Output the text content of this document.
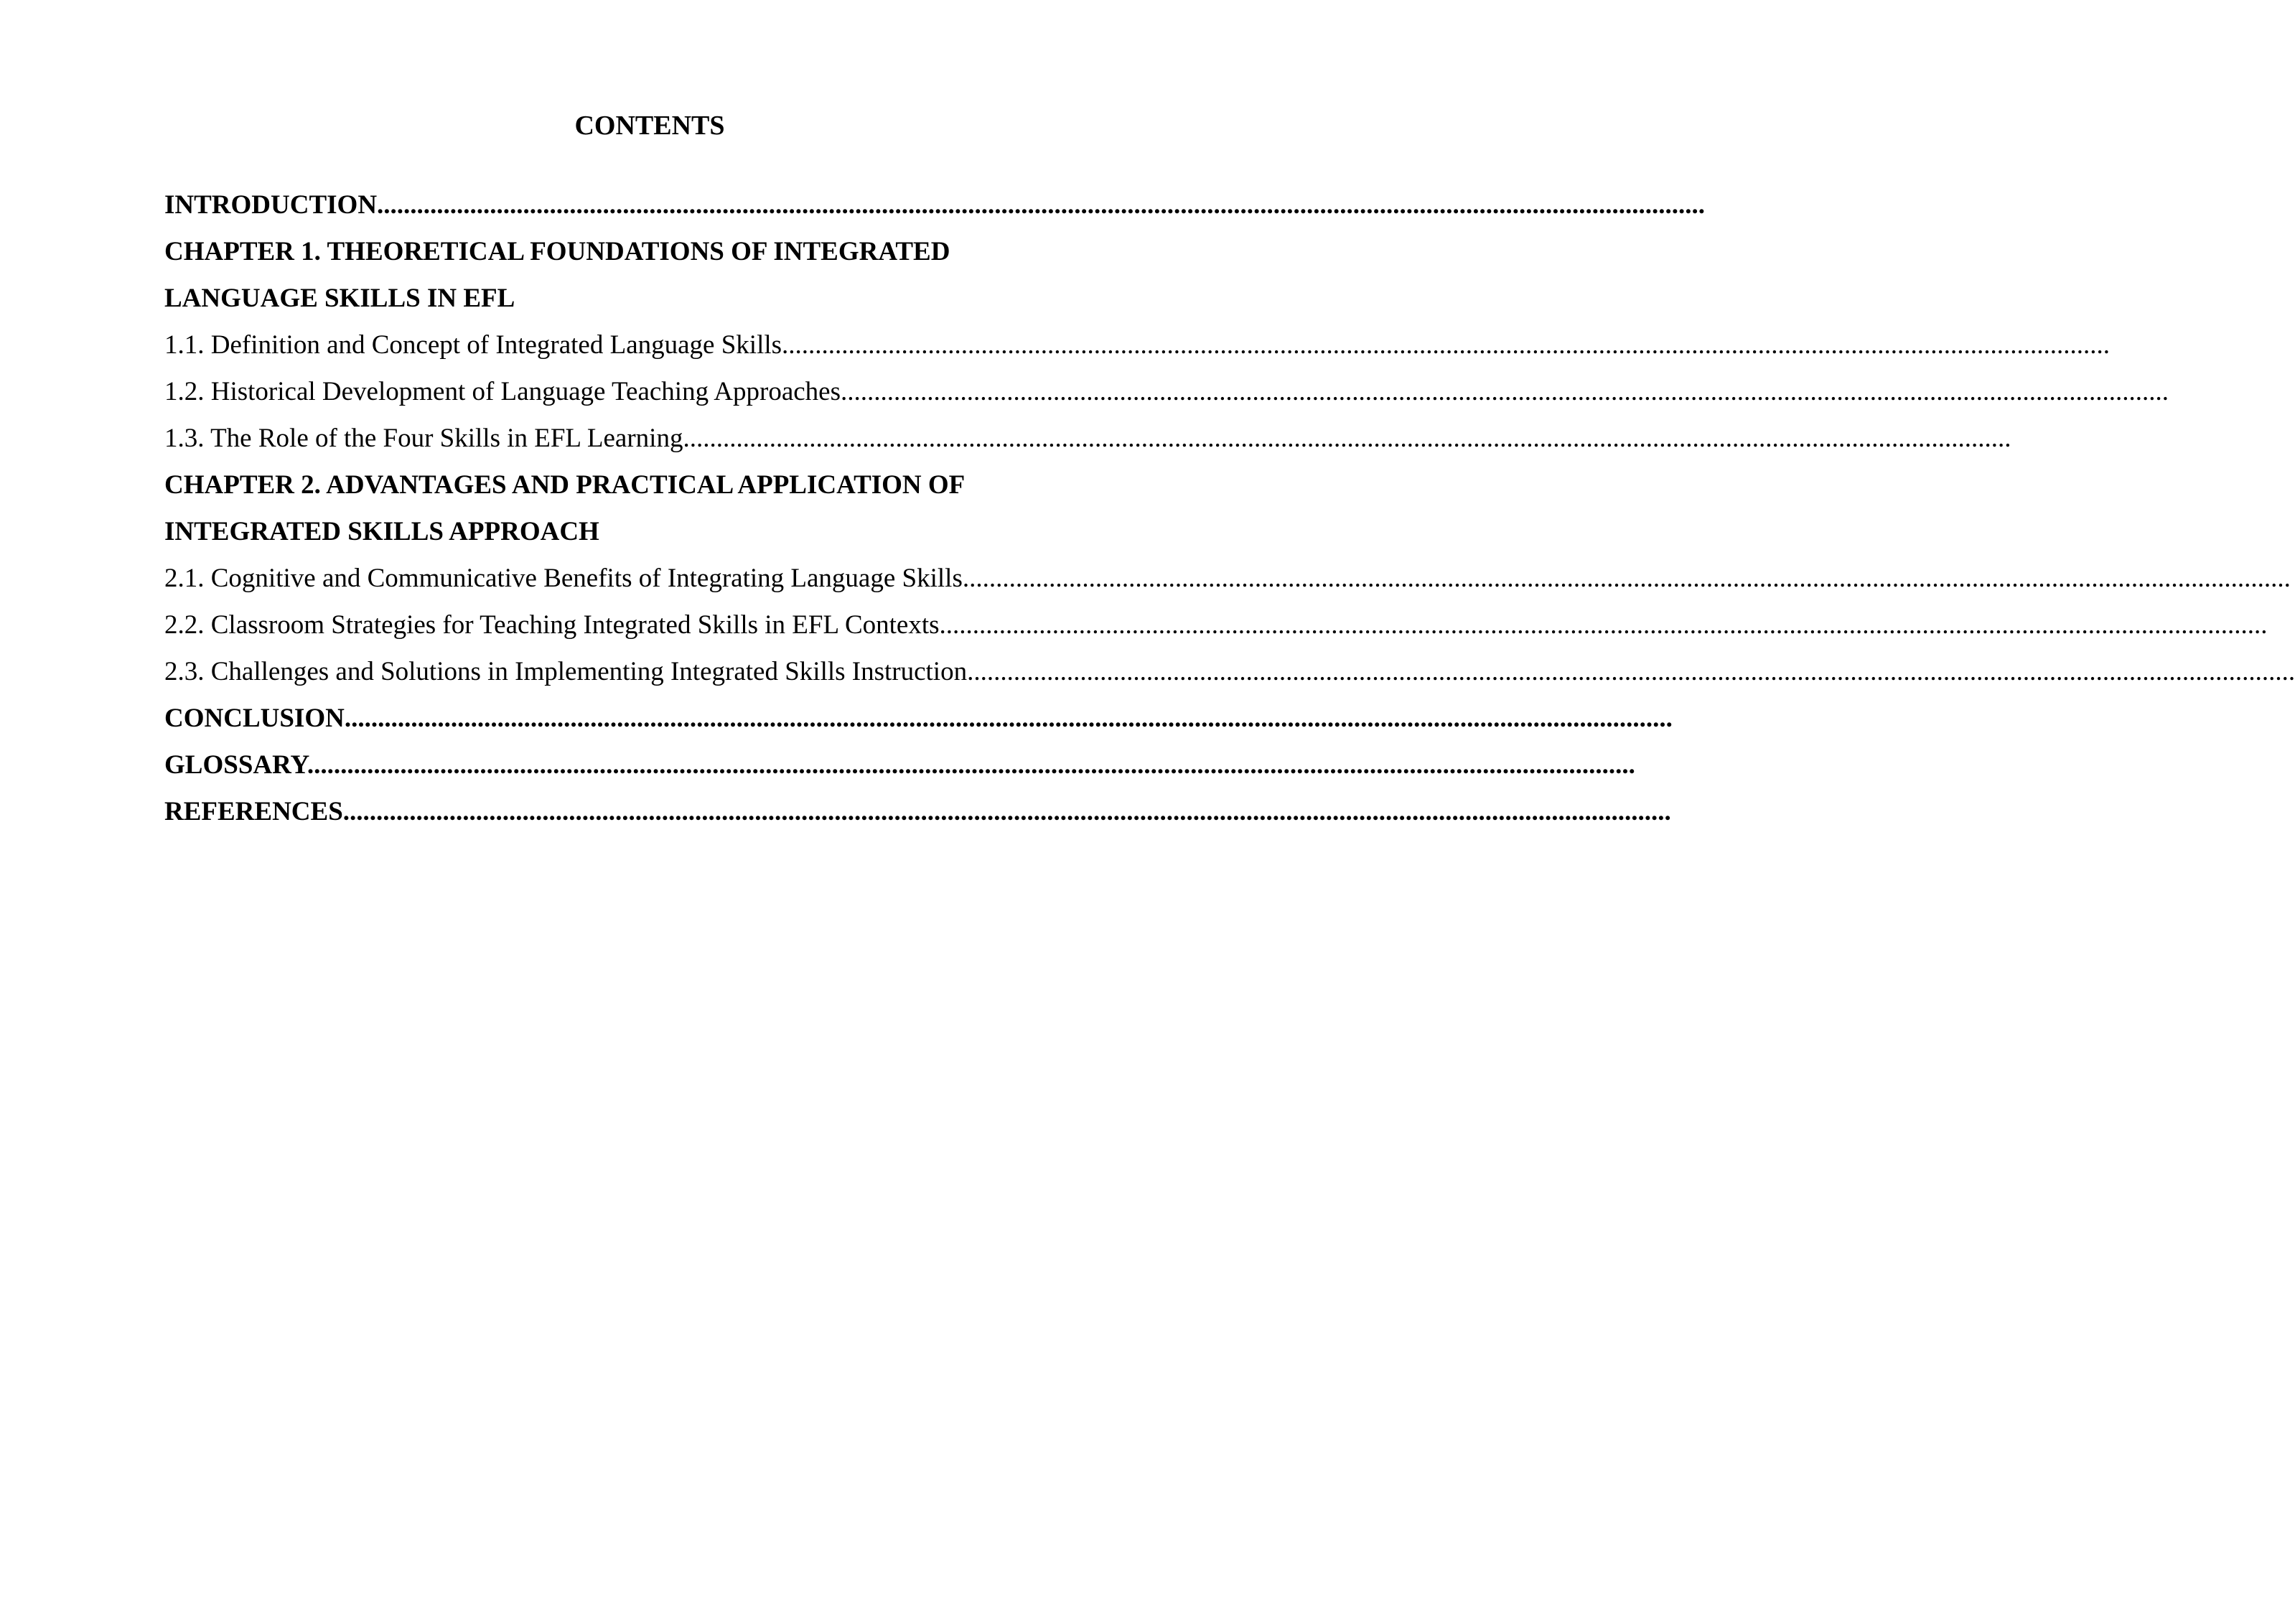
CONTENTS
INTRODUCTION........................................................................................................................................................................................................
CHAPTER 1. THEORETICAL FOUNDATIONS OF INTEGRATED
LANGUAGE SKILLS IN EFL
1.1. Definition and Concept of Integrated Language Skills........................................................................................................................................................................................................
1.2. Historical Development of Language Teaching Approaches........................................................................................................................................................................................................
1.3. The Role of the Four Skills in EFL Learning........................................................................................................................................................................................................
CHAPTER 2. ADVANTAGES AND PRACTICAL APPLICATION OF
INTEGRATED SKILLS APPROACH
2.1. Cognitive and Communicative Benefits of Integrating Language Skills........................................................................................................................................................................................................
2.2. Classroom Strategies for Teaching Integrated Skills in EFL Contexts........................................................................................................................................................................................................
2.3. Challenges and Solutions in Implementing Integrated Skills Instruction........................................................................................................................................................................................................
CONCLUSION........................................................................................................................................................................................................
GLOSSARY........................................................................................................................................................................................................
REFERENCES........................................................................................................................................................................................................
